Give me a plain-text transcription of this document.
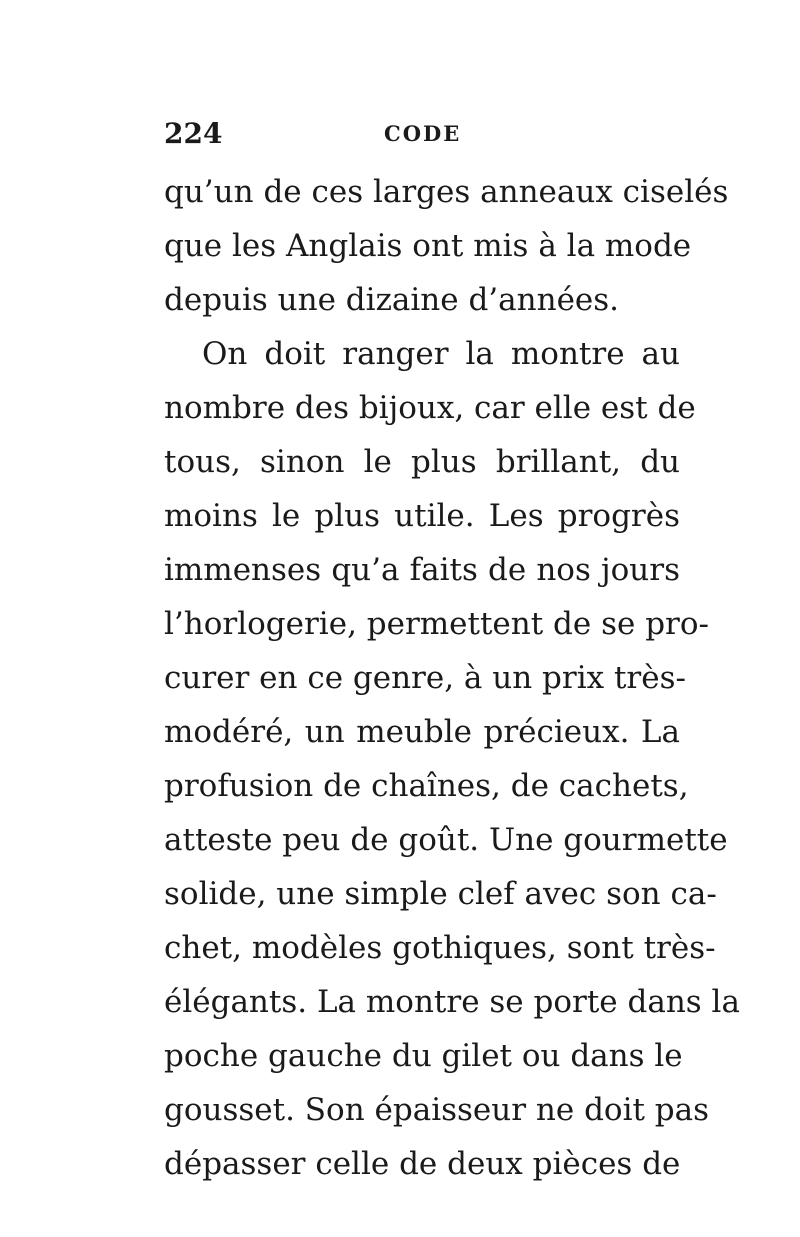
224	CODE
qu’un de ces larges anneaux ciselés
que les Anglais ont mis à la mode
depuis une dizaine d’années.
On doit ranger la montre au
nombre des bijoux, car elle est de
tous, sinon le plus brillant, du
moins le plus utile. Les progrès
immenses qu’a faits de nos jours
l’horlogerie, permettent de se pro-
curer en ce genre, à un prix très-
modéré, un meuble précieux. La
profusion de chaînes, de cachets,
atteste peu de goût. Une gourmette
solide, une simple clef avec son ca-
chet, modèles gothiques, sont très-
élégants. La montre se porte dans la
poche gauche du gilet ou dans le
gousset. Son épaisseur ne doit pas
dépasser celle de deux pièces de
